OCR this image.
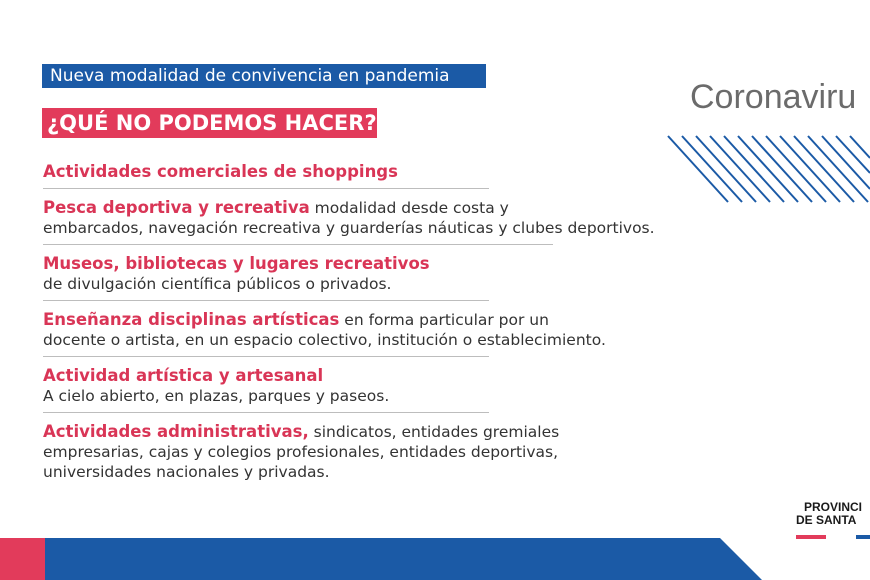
Nueva modalidad de convivencia en pandemia
¿QUÉ NO PODEMOS HACER?
Coronaviru
Actividades comerciales de shoppings
Pesca deportiva y recreativa modalidad desde costa y
embarcados, navegación recreativa y guarderías náuticas y clubes deportivos.
Museos, bibliotecas y lugares recreativos
de divulgación científica públicos o privados.
Enseñanza disciplinas artísticas en forma particular por un
docente o artista, en un espacio colectivo, institución o establecimiento.
Actividad artística y artesanal
A cielo abierto, en plazas, parques y paseos.
Actividades administrativas, sindicatos, entidades gremiales
empresarias, cajas y colegios profesionales, entidades deportivas,
universidades nacionales y privadas.
PROVINCI
DE SANTA
